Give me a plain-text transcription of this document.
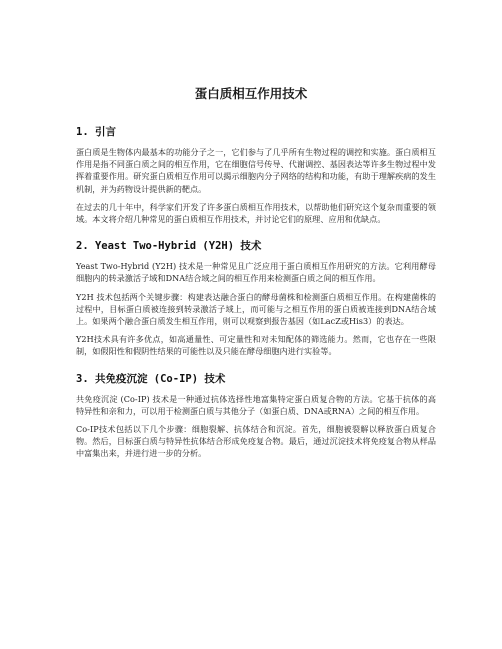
蛋白质相互作用技术
1. 引言

蛋白质是生物体内最基本的功能分子之一，它们参与了几乎所有生物过程的调控和实施。蛋白质相互作用是指不同蛋白质之间的相互作用，它在细胞信号传导、代谢调控、基因表达等许多生物过程中发挥着重要作用。研究蛋白质相互作用可以揭示细胞内分子网络的结构和功能，有助于理解疾病的发生机制，并为药物设计提供新的靶点。

在过去的几十年中，科学家们开发了许多蛋白质相互作用技术，以帮助他们研究这个复杂而重要的领域。本文将介绍几种常见的蛋白质相互作用技术，并讨论它们的原理、应用和优缺点。

2. Yeast Two-Hybrid (Y2H) 技术

Yeast Two-Hybrid (Y2H) 技术是一种常见且广泛应用于蛋白质相互作用研究的方法。它利用酵母细胞内的转录激活子域和DNA结合域之间的相互作用来检测蛋白质之间的相互作用。

Y2H 技术包括两个关键步骤：构建表达融合蛋白的酵母菌株和检测蛋白质相互作用。在构建菌株的过程中，目标蛋白质被连接到转录激活子域上，而可能与之相互作用的蛋白质被连接到DNA结合域上。如果两个融合蛋白质发生相互作用，则可以观察到报告基因（如LacZ或His3）的表达。

Y2H技术具有许多优点，如高通量性、可定量性和对未知配体的筛选能力。然而，它也存在一些限制，如假阳性和假阴性结果的可能性以及只能在酵母细胞内进行实验等。

3. 共免疫沉淀 (Co-IP) 技术

共免疫沉淀 (Co-IP) 技术是一种通过抗体选择性地富集特定蛋白质复合物的方法。它基于抗体的高特异性和亲和力，可以用于检测蛋白质与其他分子（如蛋白质、DNA或RNA）之间的相互作用。

Co-IP技术包括以下几个步骤：细胞裂解、抗体结合和沉淀。首先，细胞被裂解以释放蛋白质复合物。然后，目标蛋白质与特异性抗体结合形成免疫复合物。最后，通过沉淀技术将免疫复合物从样品中富集出来，并进行进一步的分析。
